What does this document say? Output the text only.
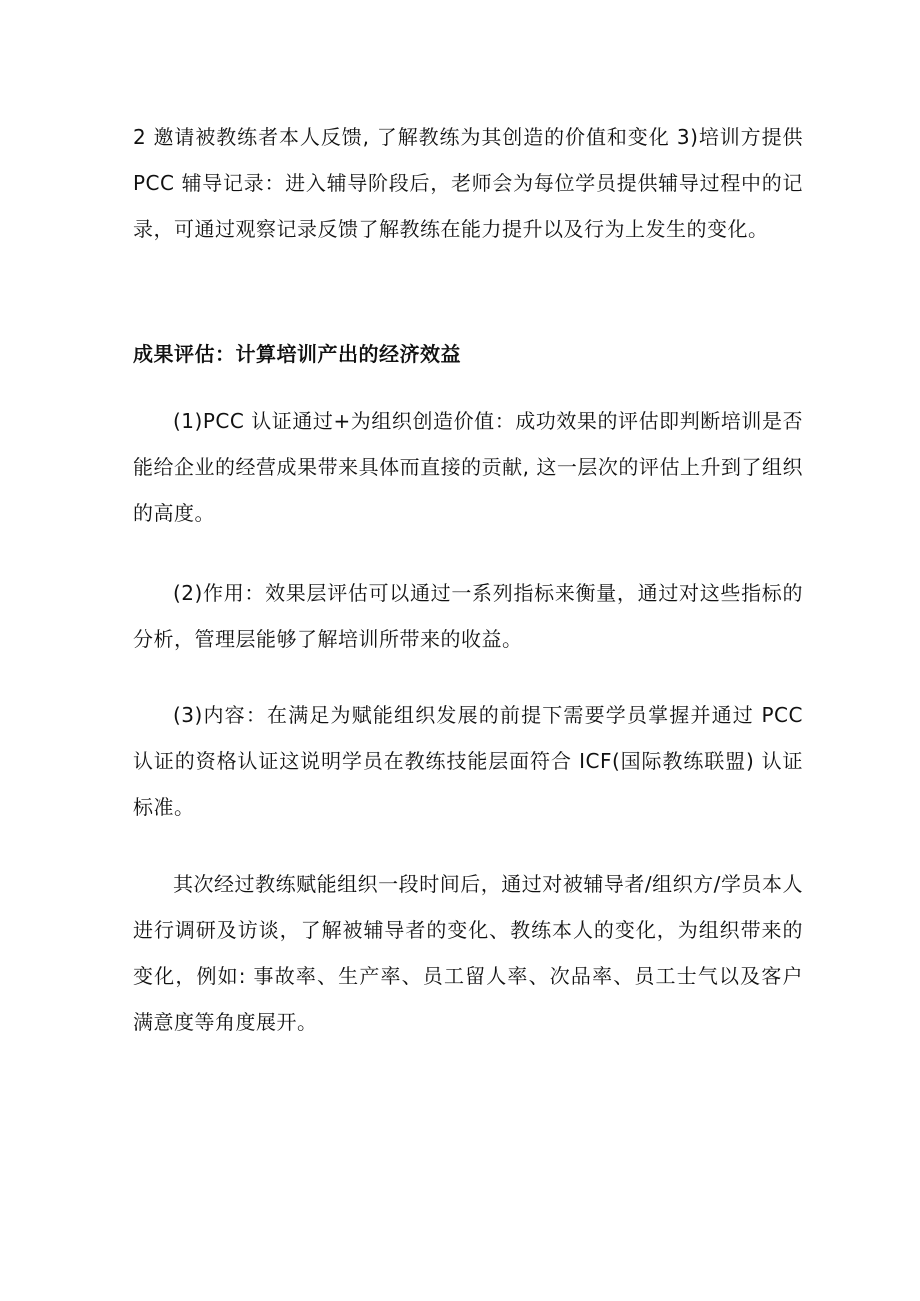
2 邀请被教练者本人反馈, 了解教练为其创造的价值和变化 3)培训方提供 PCC 辅导记录：进入辅导阶段后，老师会为每位学员提供辅导过程中的记录，可通过观察记录反馈了解教练在能力提升以及行为上发生的变化。

成果评估：计算培训产出的经济效益

(1)PCC 认证通过+为组织创造价值：成功效果的评估即判断培训是否能给企业的经营成果带来具体而直接的贡献, 这一层次的评估上升到了组织的高度。

(2)作用：效果层评估可以通过一系列指标来衡量，通过对这些指标的分析，管理层能够了解培训所带来的收益。

(3)内容：在满足为赋能组织发展的前提下需要学员掌握并通过 PCC 认证的资格认证这说明学员在教练技能层面符合 ICF(国际教练联盟) 认证标准。

其次经过教练赋能组织一段时间后，通过对被辅导者/组织方/学员本人进行调研及访谈，了解被辅导者的变化、教练本人的变化，为组织带来的变化，例如: 事故率、生产率、员工留人率、次品率、员工士气以及客户满意度等角度展开。
